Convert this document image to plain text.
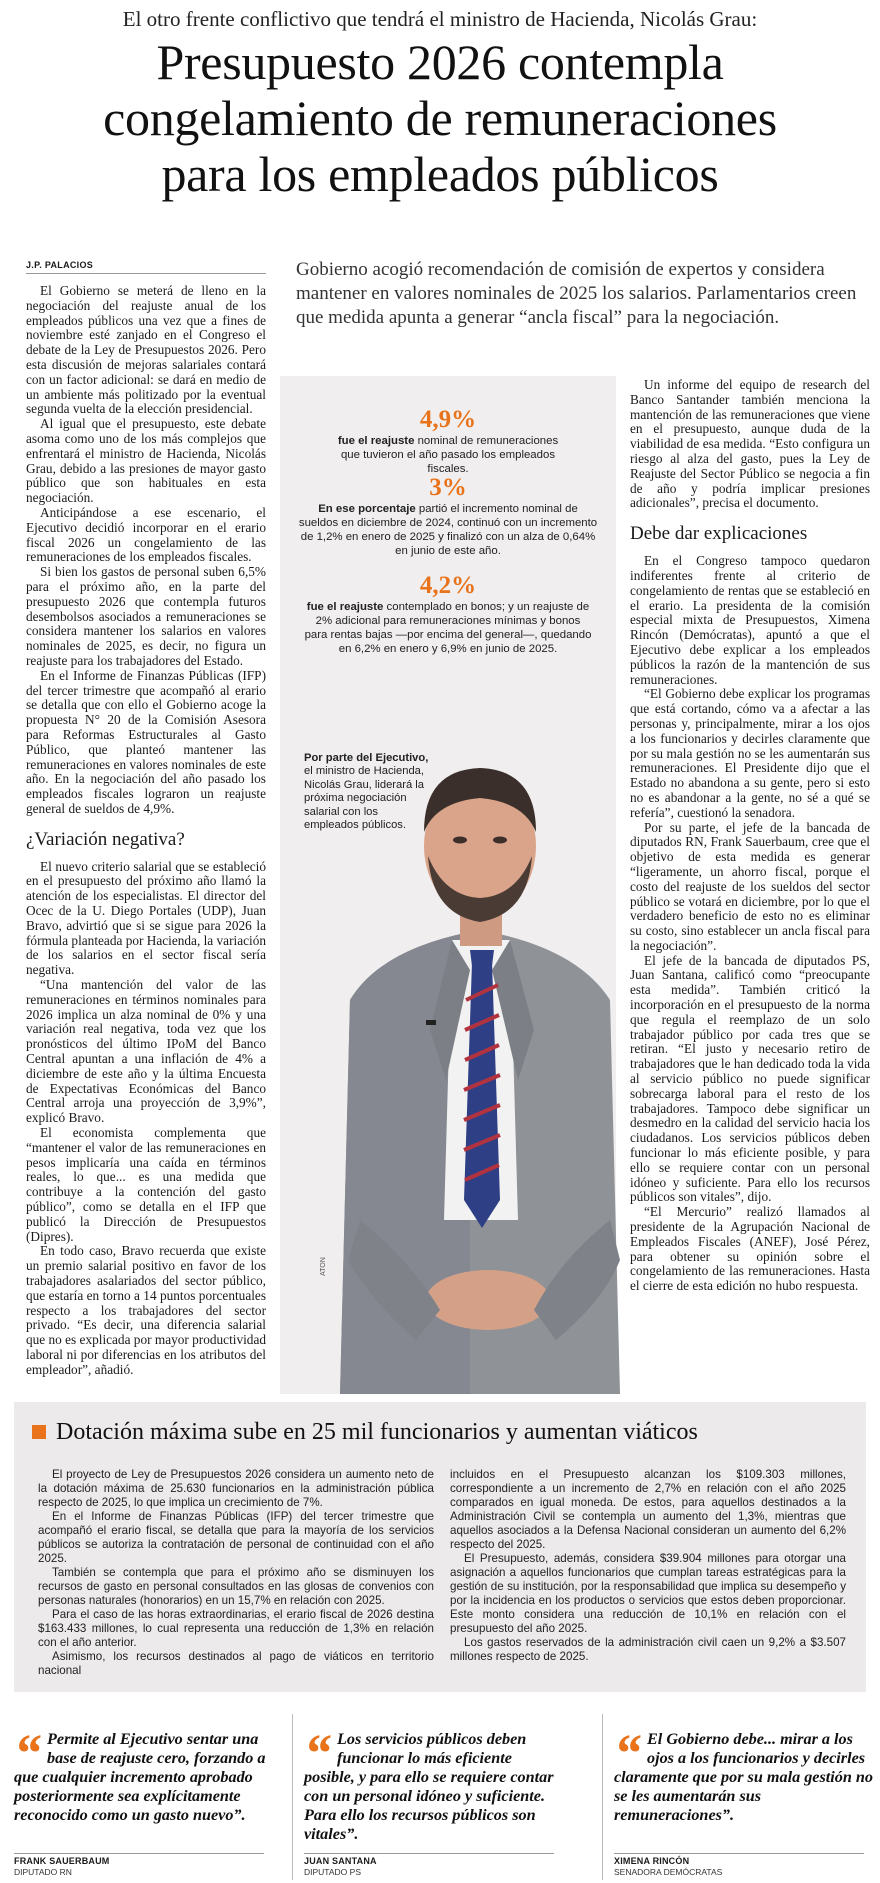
El otro frente conflictivo que tendrá el ministro de Hacienda, Nicolás Grau:
Presupuesto 2026 contempla
congelamiento de remuneraciones
para los empleados públicos
J.P. PALACIOS	Gobierno acogió recomendación de comisión de expertos y considera mantener en valores nominales de 2025 los salarios. Parlamentarios creen que medida apunta a generar “ancla fiscal” para la negociación.

El Gobierno se meterá de lleno en la negociación del reajuste anual de los empleados públicos una vez que a fines de noviembre esté zanjado en el Congreso el debate de la Ley de Presupuestos 2026. Pero esta discusión de mejoras salariales contará con un factor adicional: se dará en medio de un ambiente más politizado por la eventual segunda vuelta de la elección presidencial.

Al igual que el presupuesto, este debate asoma como uno de los más complejos que enfrentará el ministro de Hacienda, Nicolás Grau, debido a las presiones de mayor gasto público que son habituales en esta negociación.

Anticipándose a ese escenario, el Ejecutivo decidió incorporar en el erario fiscal 2026 un congelamiento de las remuneraciones de los empleados fiscales.

Si bien los gastos de personal suben 6,5% para el próximo año, en la parte del presupuesto 2026 que contempla futuros desembolsos asociados a remuneraciones se considera mantener los salarios en valores nominales de 2025, es decir, no figura un reajuste para los trabajadores del Estado.

En el Informe de Finanzas Públicas (IFP) del tercer trimestre que acompañó al erario se detalla que con ello el Gobierno acoge la propuesta N° 20 de la Comisión Asesora para Reformas Estructurales al Gasto Público, que planteó mantener las remuneraciones en valores nominales de este año. En la negociación del año pasado los empleados fiscales lograron un reajuste general de sueldos de 4,9%.

¿Variación negativa?

El nuevo criterio salarial que se estableció en el presupuesto del próximo año llamó la atención de los especialistas. El director del Ocec de la U. Diego Portales (UDP), Juan Bravo, advirtió que si se sigue para 2026 la fórmula planteada por Hacienda, la variación de los salarios en el sector fiscal sería negativa.

“Una mantención del valor de las remuneraciones en términos nominales para 2026 implica un alza nominal de 0% y una variación real negativa, toda vez que los pronósticos del último IPoM del Banco Central apuntan a una inflación de 4% a diciembre de este año y la última Encuesta de Expectativas Económicas del Banco Central arroja una proyección de 3,9%”, explicó Bravo.

El economista complementa que “mantener el valor de las remuneraciones en pesos implicaría una caída en términos reales, lo que... es una medida que contribuye a la contención del gasto público”, como se detalla en el IFP que publicó la Dirección de Presupuestos (Dipres).

En todo caso, Bravo recuerda que existe un premio salarial positivo en favor de los trabajadores asalariados del sector público, que estaría en torno a 14 puntos porcentuales respecto a los trabajadores del sector privado. “Es decir, una diferencia salarial que no es explicada por mayor productividad laboral ni por diferencias en los atributos del empleador”, añadió.

4,9%
fue el reajuste nominal de remuneraciones que tuvieron el año pasado los empleados fiscales.
3%
En ese porcentaje partió el incremento nominal de sueldos en diciembre de 2024, continuó con un incremento de 1,2% en enero de 2025 y finalizó con un alza de 0,64% en junio de este año.
4,2%
fue el reajuste contemplado en bonos; y un reajuste de 2% adicional para remuneraciones mínimas y bonos para rentas bajas —por encima del general—, quedando en 6,2% en enero y 6,9% en junio de 2025.
Por parte del Ejecutivo,
el ministro de Hacienda, Nicolás Grau, liderará la próxima negociación salarial con los empleados públicos.
ATON

Un informe del equipo de research del Banco Santander también menciona la mantención de las remuneraciones que viene en el presupuesto, aunque duda de la viabilidad de esa medida. “Esto configura un riesgo al alza del gasto, pues la Ley de Reajuste del Sector Público se negocia a fin de año y podría implicar presiones adicionales”, precisa el documento.

Debe dar explicaciones

En el Congreso tampoco quedaron indiferentes frente al criterio de congelamiento de rentas que se estableció en el erario. La presidenta de la comisión especial mixta de Presupuestos, Ximena Rincón (Demócratas), apuntó a que el Ejecutivo debe explicar a los empleados públicos la razón de la mantención de sus remuneraciones.

“El Gobierno debe explicar los programas que está cortando, cómo va a afectar a las personas y, principalmente, mirar a los ojos a los funcionarios y decirles claramente que por su mala gestión no se les aumentarán sus remuneraciones. El Presidente dijo que el Estado no abandona a su gente, pero si esto no es abandonar a la gente, no sé a qué se refería”, cuestionó la senadora.

Por su parte, el jefe de la bancada de diputados RN, Frank Sauerbaum, cree que el objetivo de esta medida es generar “ligeramente, un ahorro fiscal, porque el costo del reajuste de los sueldos del sector público se votará en diciembre, por lo que el verdadero beneficio de esto no es eliminar su costo, sino establecer un ancla fiscal para la negociación”.

El jefe de la bancada de diputados PS, Juan Santana, calificó como “preocupante esta medida”. También criticó la incorporación en el presupuesto de la norma que regula el reemplazo de un solo trabajador público por cada tres que se retiran. “El justo y necesario retiro de trabajadores que le han dedicado toda la vida al servicio público no puede significar sobrecarga laboral para el resto de los trabajadores. Tampoco debe significar un desmedro en la calidad del servicio hacia los ciudadanos. Los servicios públicos deben funcionar lo más eficiente posible, y para ello se requiere contar con un personal idóneo y suficiente. Para ello los recursos públicos son vitales”, dijo.

“El Mercurio” realizó llamados al presidente de la Agrupación Nacional de Empleados Fiscales (ANEF), José Pérez, para obtener su opinión sobre el congelamiento de las remuneraciones. Hasta el cierre de esta edición no hubo respuesta.

Dotación máxima sube en 25 mil funcionarios y aumentan viáticos

El proyecto de Ley de Presupuestos 2026 considera un aumento neto de la dotación máxima de 25.630 funcionarios en la administración pública respecto de 2025, lo que implica un crecimiento de 7%.

En el Informe de Finanzas Públicas (IFP) del tercer trimestre que acompañó el erario fiscal, se detalla que para la mayoría de los servicios públicos se autoriza la contratación de personal de continuidad con el año 2025.

También se contempla que para el próximo año se disminuyen los recursos de gasto en personal consultados en las glosas de convenios con personas naturales (honorarios) en un 15,7% en relación con 2025.

Para el caso de las horas extraordinarias, el erario fiscal de 2026 destina $163.433 millones, lo cual representa una reducción de 1,3% en relación con el año anterior.

Asimismo, los recursos destinados al pago de viáticos en territorio nacional

incluidos en el Presupuesto alcanzan los $109.303 millones, correspondiente a un incremento de 2,7% en relación con el año 2025 comparados en igual moneda. De estos, para aquellos destinados a la Administración Civil se contempla un aumento del 1,3%, mientras que aquellos asociados a la Defensa Nacional consideran un aumento del 6,2% respecto del 2025.

El Presupuesto, además, considera $39.904 millones para otorgar una asignación a aquellos funcionarios que cumplan tareas estratégicas para la gestión de su institución, por la responsabilidad que implica su desempeño y por la incidencia en los productos o servicios que estos deben proporcionar. Este monto considera una reducción de 10,1% en relación con el presupuesto del año 2025.

Los gastos reservados de la administración civil caen un 9,2% a $3.507 millones respecto de 2025.

“ Permite al Ejecutivo sentar una base de reajuste cero, forzando a que cualquier incremento aprobado posteriormente sea explícitamente reconocido como un gasto nuevo”.
FRANK SAUERBAUM
DIPUTADO RN
“ Los servicios públicos deben funcionar lo más eficiente posible, y para ello se requiere contar con un personal idóneo y suficiente. Para ello los recursos públicos son vitales”.
JUAN SANTANA
DIPUTADO PS
“ El Gobierno debe... mirar a los ojos a los funcionarios y decirles claramente que por su mala gestión no se les aumentarán sus remuneraciones”.
XIMENA RINCÓN
SENADORA DEMÓCRATAS
